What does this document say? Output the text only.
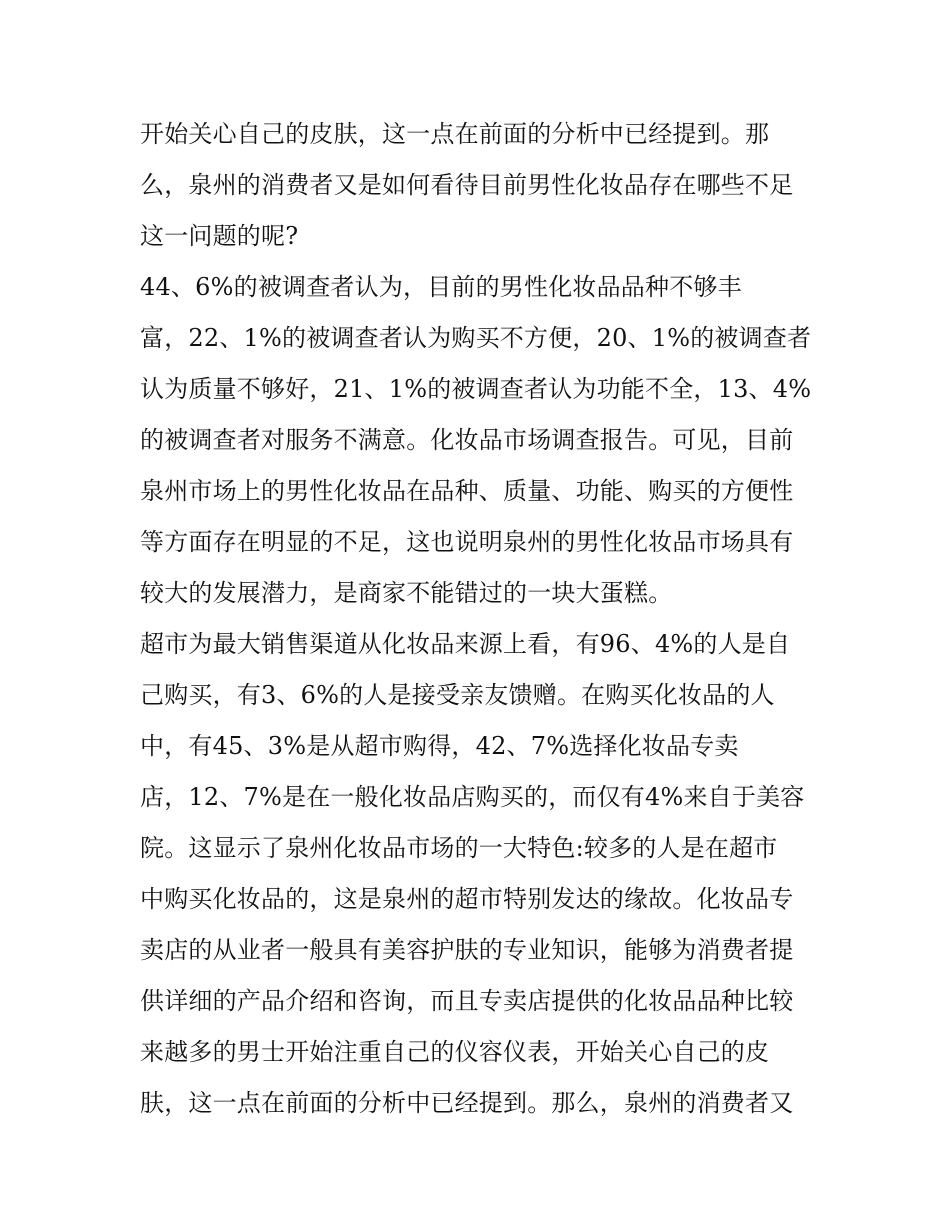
开始关心自己的皮肤，这一点在前面的分析中已经提到。那
么，泉州的消费者又是如何看待目前男性化妆品存在哪些不足
这一问题的呢?
44、6%的被调查者认为，目前的男性化妆品品种不够丰
富，22、1%的被调查者认为购买不方便，20、1%的被调查者
认为质量不够好，21、1%的被调查者认为功能不全，13、4%
的被调查者对服务不满意。化妆品市场调查报告。可见，目前
泉州市场上的男性化妆品在品种、质量、功能、购买的方便性
等方面存在明显的不足，这也说明泉州的男性化妆品市场具有
较大的发展潜力，是商家不能错过的一块大蛋糕。
超市为最大销售渠道从化妆品来源上看，有96、4%的人是自
己购买，有3、6%的人是接受亲友馈赠。在购买化妆品的人
中，有45、3%是从超市购得，42、7%选择化妆品专卖
店，12、7%是在一般化妆品店购买的，而仅有4%来自于美容
院。这显示了泉州化妆品市场的一大特色:较多的人是在超市
中购买化妆品的，这是泉州的超市特别发达的缘故。化妆品专
卖店的从业者一般具有美容护肤的专业知识，能够为消费者提
供详细的产品介绍和咨询，而且专卖店提供的化妆品品种比较
来越多的男士开始注重自己的仪容仪表，开始关心自己的皮
肤，这一点在前面的分析中已经提到。那么，泉州的消费者又
